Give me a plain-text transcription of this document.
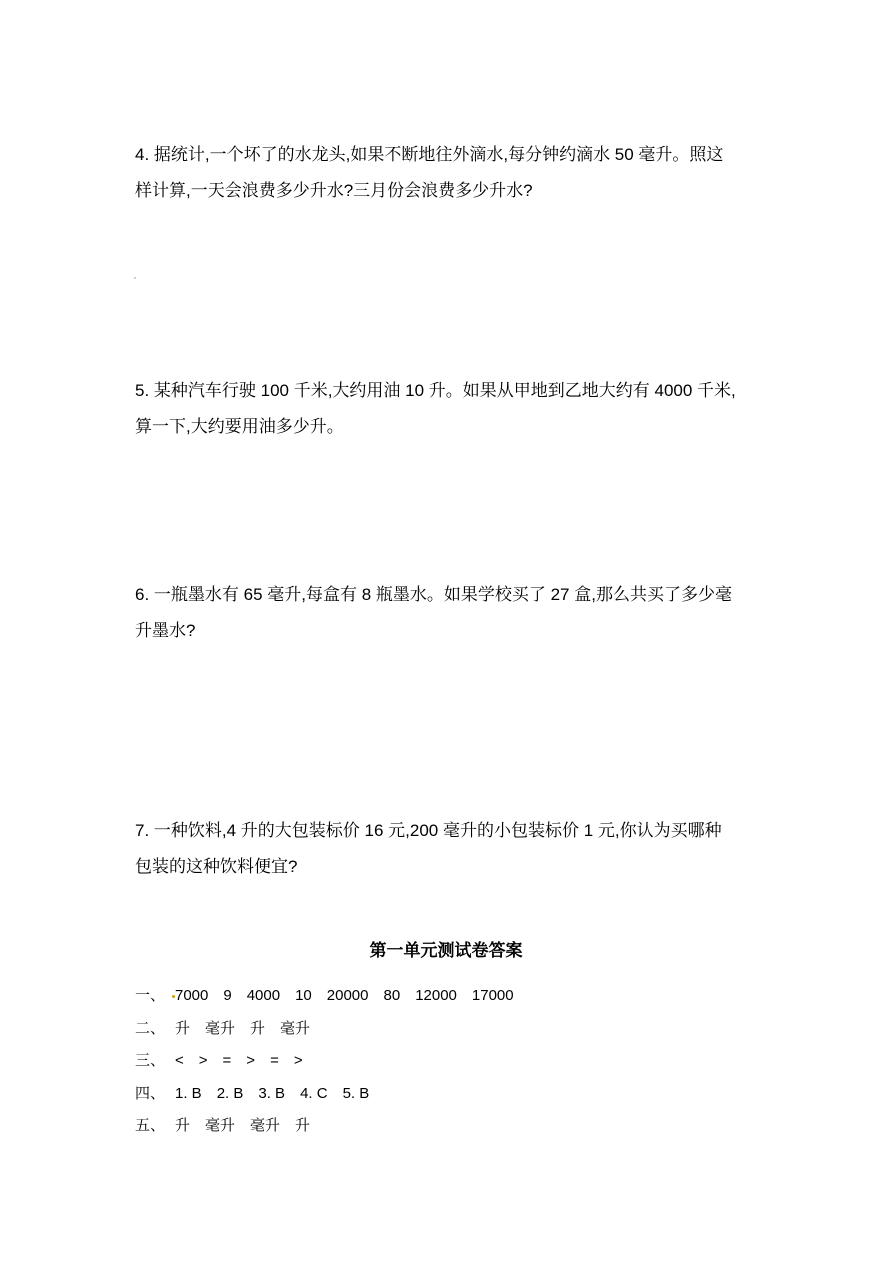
4. 据统计,一个坏了的水龙头,如果不断地往外滴水,每分钟约滴水 50 毫升。照这

样计算,一天会浪费多少升水?三月份会浪费多少升水?

5. 某种汽车行驶 100 千米,大约用油 10 升。如果从甲地到乙地大约有 4000 千米,

算一下,大约要用油多少升。

6. 一瓶墨水有 65 毫升,每盒有 8 瓶墨水。如果学校买了 27 盒,那么共买了多少毫

升墨水?

7. 一种饮料,4 升的大包装标价 16 元,200 毫升的小包装标价 1 元,你认为买哪种

包装的这种饮料便宜?

第一单元测试卷答案
一、 7000 9 4000 10 20000 80 12000 17000
二、 升 毫升 升 毫升
三、 < > = > = >
四、 1. B 2. B 3. B 4. C 5. B
五、 升 毫升 毫升 升
